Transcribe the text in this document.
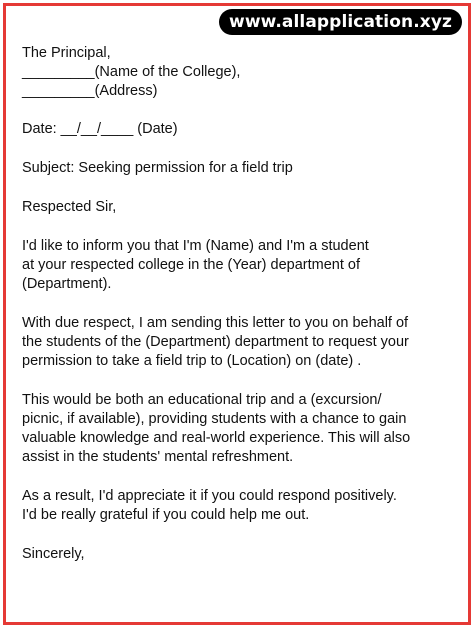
www.allapplication.xyz
The Principal,
_________(Name of the College),
_________(Address)
Date: __/__/____ (Date)
Subject: Seeking permission for a field trip
Respected Sir,
I'd like to inform you that I'm (Name) and I'm a student
at your respected college in the (Year) department of
(Department).
With due respect, I am sending this letter to you on behalf of
the students of the (Department) department to request your
permission to take a field trip to (Location) on (date) .
This would be both an educational trip and a (excursion/
picnic, if available), providing students with a chance to gain
valuable knowledge and real-world experience. This will also
assist in the students' mental refreshment.
As a result, I'd appreciate it if you could respond positively.
I'd be really grateful if you could help me out.
Sincerely,
